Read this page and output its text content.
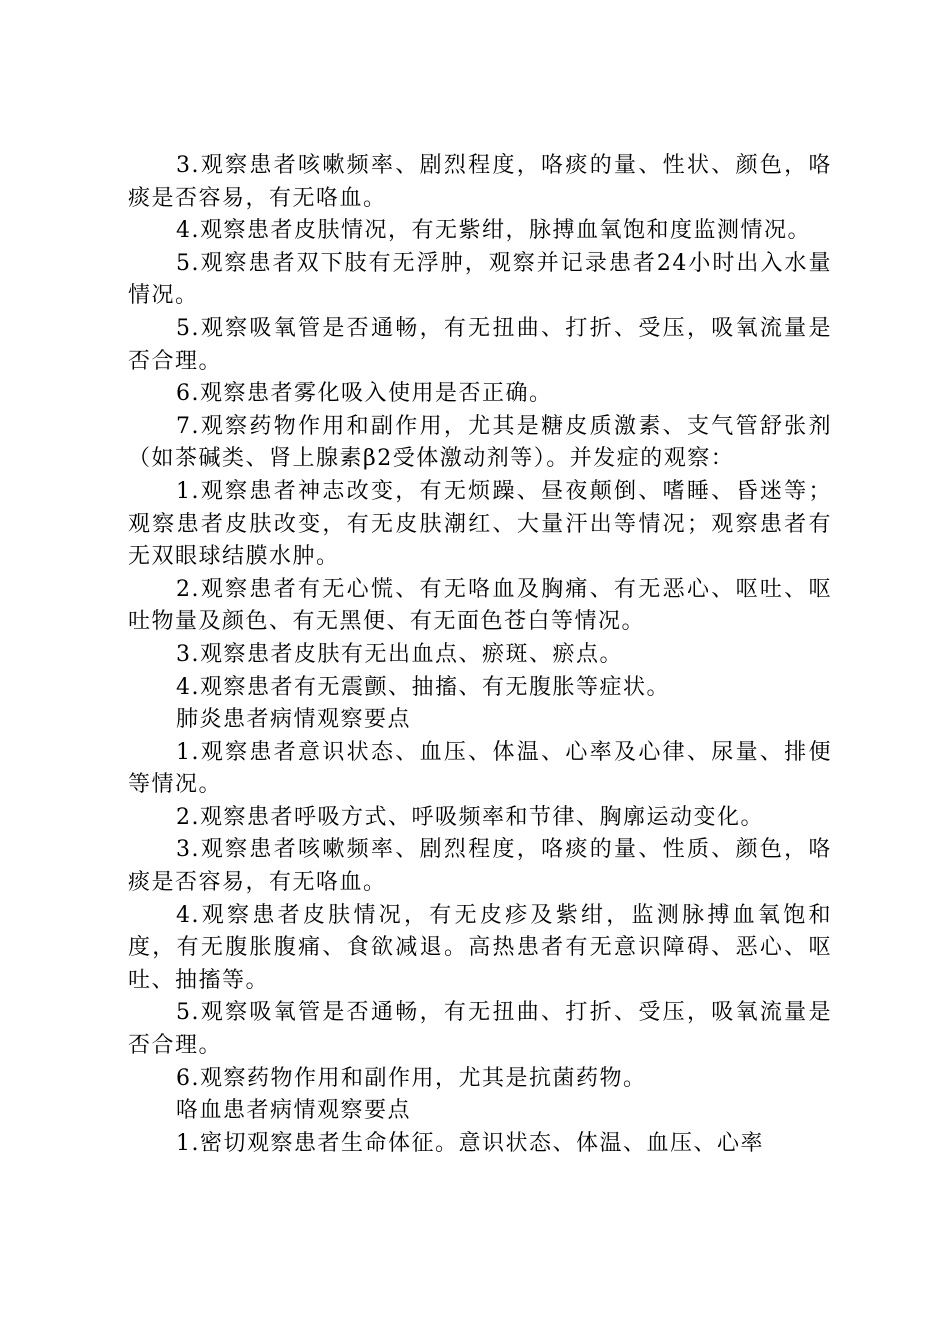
3.观察患者咳嗽频率、剧烈程度，咯痰的量、性状、颜色，咯痰是否容易，有无咯血。

4.观察患者皮肤情况，有无紫绀，脉搏血氧饱和度监测情况。

5.观察患者双下肢有无浮肿，观察并记录患者24小时出入水量情况。

5.观察吸氧管是否通畅，有无扭曲、打折、受压，吸氧流量是否合理。

6.观察患者雾化吸入使用是否正确。

7.观察药物作用和副作用，尤其是糖皮质激素、支气管舒张剂（如茶碱类、肾上腺素β2受体激动剂等）。并发症的观察：

1.观察患者神志改变，有无烦躁、昼夜颠倒、嗜睡、昏迷等；观察患者皮肤改变，有无皮肤潮红、大量汗出等情况；观察患者有无双眼球结膜水肿。

2.观察患者有无心慌、有无咯血及胸痛、有无恶心、呕吐、呕吐物量及颜色、有无黑便、有无面色苍白等情况。

3.观察患者皮肤有无出血点、瘀斑、瘀点。

4.观察患者有无震颤、抽搐、有无腹胀等症状。

肺炎患者病情观察要点

1.观察患者意识状态、血压、体温、心率及心律、尿量、排便等情况。

2.观察患者呼吸方式、呼吸频率和节律、胸廓运动变化。

3.观察患者咳嗽频率、剧烈程度，咯痰的量、性质、颜色，咯痰是否容易，有无咯血。

4.观察患者皮肤情况，有无皮疹及紫绀，监测脉搏血氧饱和度，有无腹胀腹痛、食欲减退。高热患者有无意识障碍、恶心、呕吐、抽搐等。

5.观察吸氧管是否通畅，有无扭曲、打折、受压，吸氧流量是否合理。

6.观察药物作用和副作用，尤其是抗菌药物。

咯血患者病情观察要点

1.密切观察患者生命体征。意识状态、体温、血压、心率
